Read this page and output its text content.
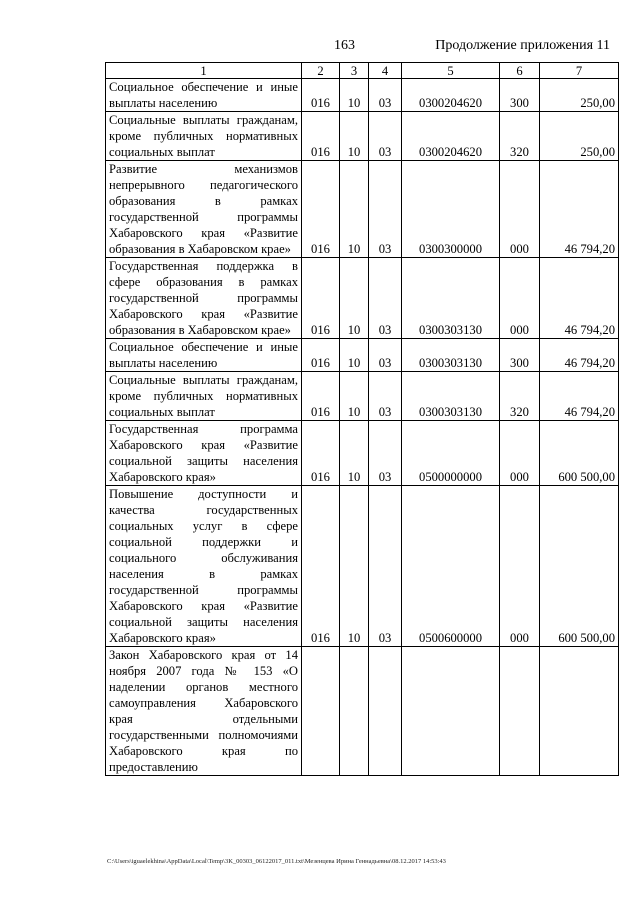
163	Продолжение приложения 11
1	2	3	4	5	6	7
Социальное обеспечение и иные выплаты населению	016	10	03	0300204620	300	250,00
Социальные выплаты гражданам, кроме публичных нормативных социальных выплат	016	10	03	0300204620	320	250,00
Развитие механизмов непрерывного педагогического образования в рамках государственной программы Хабаровского края «Развитие образования в Хабаровском крае»	016	10	03	0300300000	000	46 794,20
Государственная поддержка в сфере образования в рамках государственной программы Хабаровского края «Развитие образования в Хабаровском крае»	016	10	03	0300303130	000	46 794,20
Социальное обеспечение и иные выплаты населению	016	10	03	0300303130	300	46 794,20
Социальные выплаты гражданам, кроме публичных нормативных социальных выплат	016	10	03	0300303130	320	46 794,20
Государственная программа Хабаровского края «Развитие социальной защиты населения Хабаровского края»	016	10	03	0500000000	000	600 500,00
Повышение доступности и качества государственных социальных услуг в сфере социальной поддержки и социального обслуживания населения в рамках государственной программы Хабаровского края «Развитие социальной защиты населения Хабаровского края»	016	10	03	0500600000	000	600 500,00
Закон Хабаровского края от 14 ноября 2007 года № 153 «О наделении органов местного самоуправления Хабаровского края отдельными государственными полномочиями Хабаровского края по предоставлению						
C:\Users\iguaelekhina\AppData\Local\Temp\3K_00303_06122017_011.txt\Мезенцева Ирина Геннадьевна\08.12.2017 14:53:43
